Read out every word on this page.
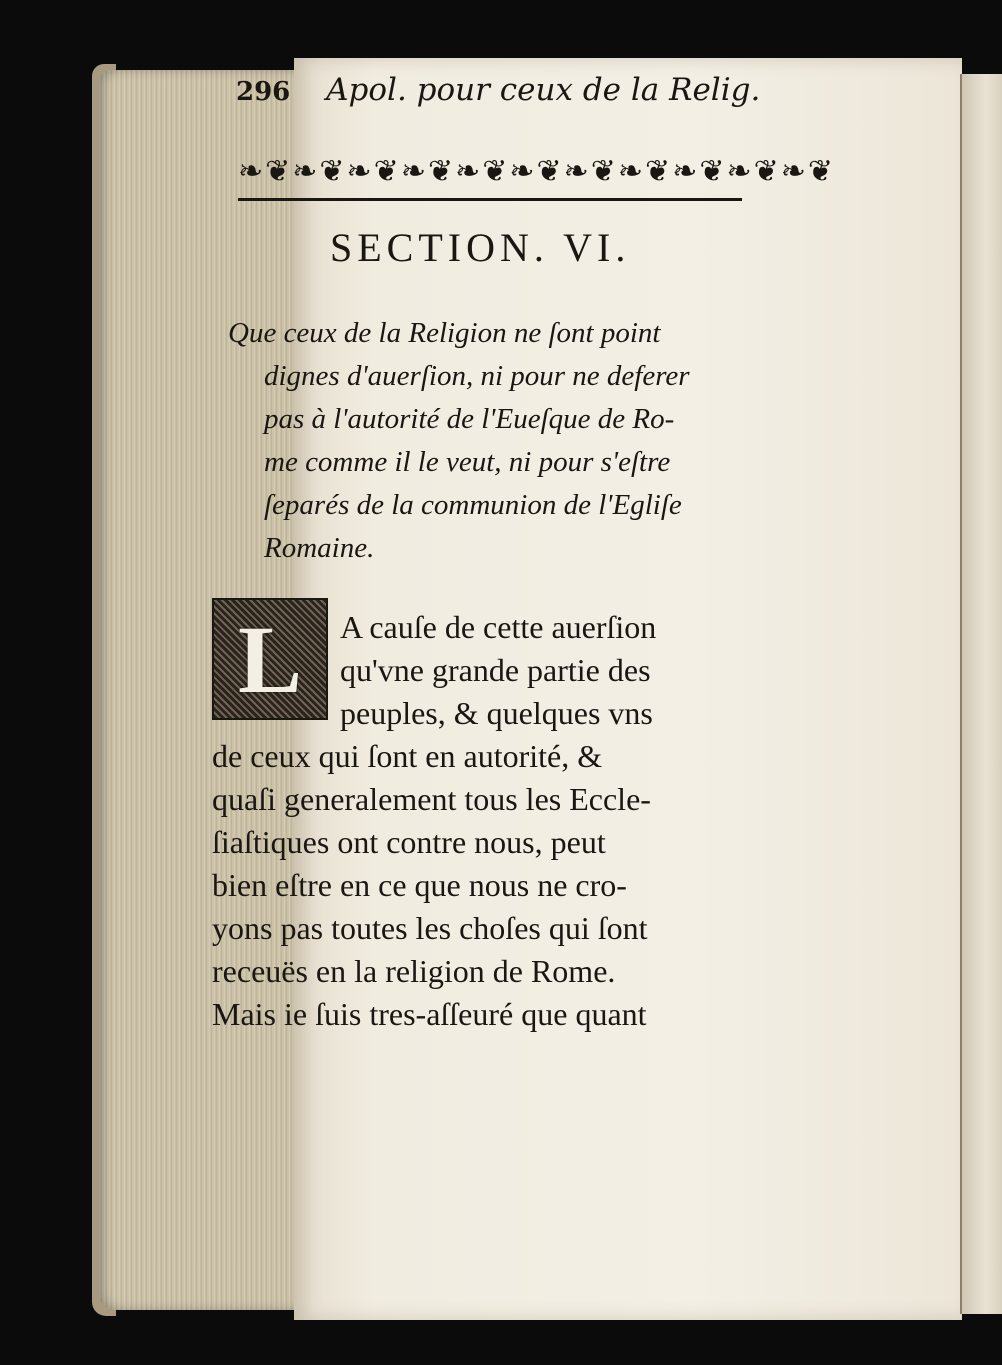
296 Apol. pour ceux de la Relig.
❧❦❧❦❧❦❧❦❧❦❧❦❧❦❧❦❧❦❧❦❧❦
SECTION. VI.
Que ceux de la Religion ne ſont point
dignes d'auerſion, ni pour ne deferer
pas à l'autorité de l'Eueſque de Ro-
me comme il le veut, ni pour s'eſtre
ſeparés de la communion de l'Egliſe
Romaine.
L	A cauſe de cette auerſion
qu'vne grande partie des
peuples, & quelques vns
de ceux qui ſont en autorité, &
quaſi generalement tous les Eccle-
ſiaſtiques ont contre nous, peut
bien eſtre en ce que nous ne cro-
yons pas toutes les choſes qui ſont
receuës en la religion de Rome.
Mais ie ſuis tres-aſſeuré que quant
